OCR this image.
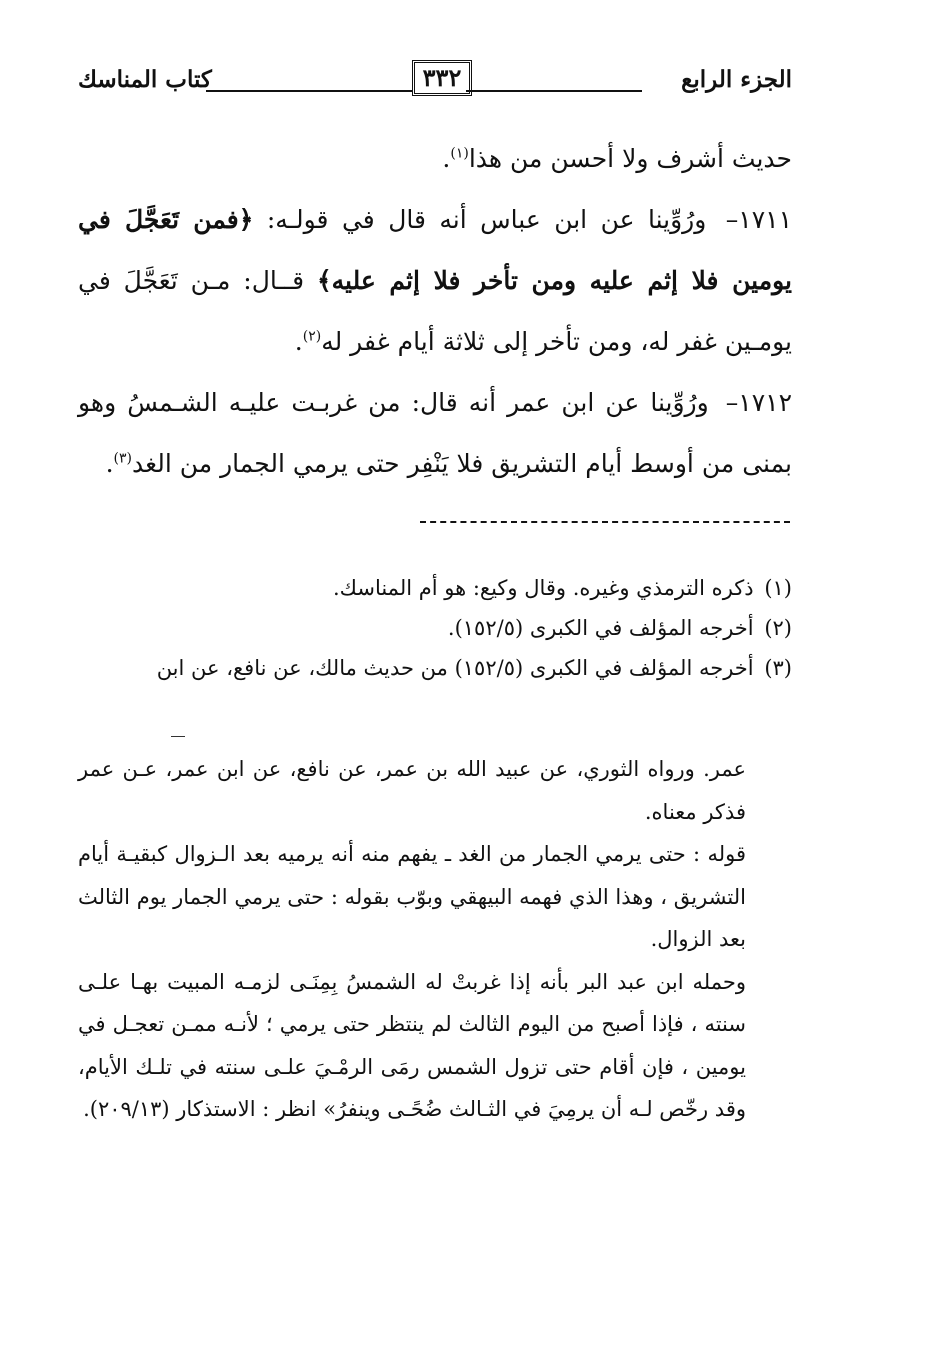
الجزء الرابع
٣٣٢
كتاب المناسك

حديث أشرف ولا أحسن من هذا$^{(١)}$.

١٧١١– ورُوِّينا عن ابن عباس أنه قال في قولـه: ﴿فمن تَعَجَّلَ في يومين فلا إثم عليه ومن تأخر فلا إثم عليه﴾ قــال: مـن تَعَجَّلَ في يومـين غفر له، ومن تأخر إلى ثلاثة أيام غفر له$^{(٢)}$.

١٧١٢– ورُوِّينا عن ابن عمر أنه قال: من غربـت عليـه الشـمسُ وهو بمنى من أوسط أيام التشريق فلا يَنْفِر حتى يرمي الجمار من الغد$^{(٣)}$.

(١) ذكره الترمذي وغيره. وقال وكيع: هو أم المناسك.

(٢) أخرجه المؤلف في الكبرى (١٥٢/٥).

(٣) أخرجه المؤلف في الكبرى (١٥٢/٥) من حديث مالك، عن نافع، عن ابن

عمر. ورواه الثوري، عن عبيد الله بن عمر، عن نافع، عن ابن عمر، عـن عمر فذكر معناه.

قوله : حتى يرمي الجمار من الغد ـ يفهم منه أنه يرميه بعد الـزوال كبقيـة أيام التشريق ، وهذا الذي فهمه البيهقي وبوّب بقوله : حتى يرمي الجمار يوم الثالث بعد الزوال.

وحمله ابن عبد البر بأنه إذا غربتْ له الشمسُ بِمِنَـى لزمـه المبيت بهـا علـى سنته ، فإذا أصبح من اليوم الثالث لم ينتظر حتى يرمي ؛ لأنـه ممـن تعجـل في يومين ، فإن أقام حتى تزول الشمس رمَى الرمْـيَ علـى سنته في تلـك الأيام، وقد رخّص لـه أن يرمِيَ في الثـالث ضُحًـى وينفرُ» انظر : الاستذكار (٢٠٩/١٣).
